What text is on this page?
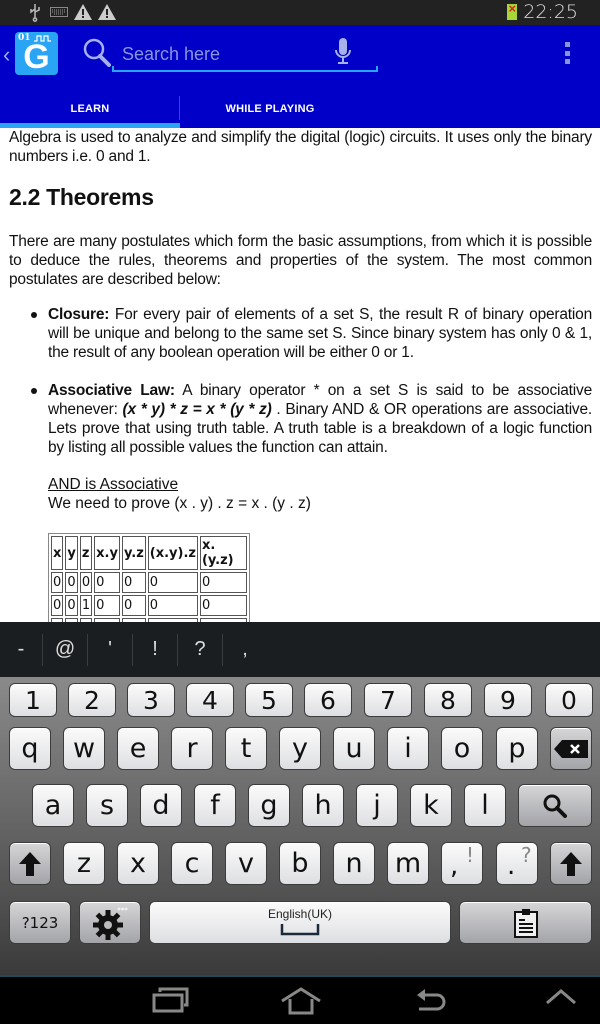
×
22:25
‹
01
G
Search here
LEARN	WHILE PLAYING

Algebra is used to analyze and simplify the digital (logic) circuits. It uses only the binary numbers i.e. 0 and 1.

2.2 Theorems

There are many postulates which form the basic assumptions, from which it is possible to deduce the rules, theorems and properties of the system. The most common postulates are described below:

Closure: For every pair of elements of a set S, the result R of binary operation will be unique and belong to the same set S. Since binary system has only 0 & 1, the result of any boolean operation will be either 0 or 1.

Associative Law: A binary operator * on a set S is said to be associative whenever: (x * y) * z = x * (y * z) . Binary AND & OR operations are associative. Lets prove that using truth table. A truth table is a breakdown of a logic function by listing all possible values the function can attain.

AND is Associative
We need to prove (x . y) . z = x . (y . z)
x	y	z	x.y	y.z	(x.y).z	x.(y.z)
0	0	0	0	0	0	0
0	0	1	0	0	0	0

-	@	'	!	?	,
1	2	3	4	5	6	7	8	9	0
q	w	e	r	t	y	u	i	o	p
a	s	d	f	g	h	j	k	l
z	x	c	v	b	n	m	, ! . ?
?123	English(UK)
